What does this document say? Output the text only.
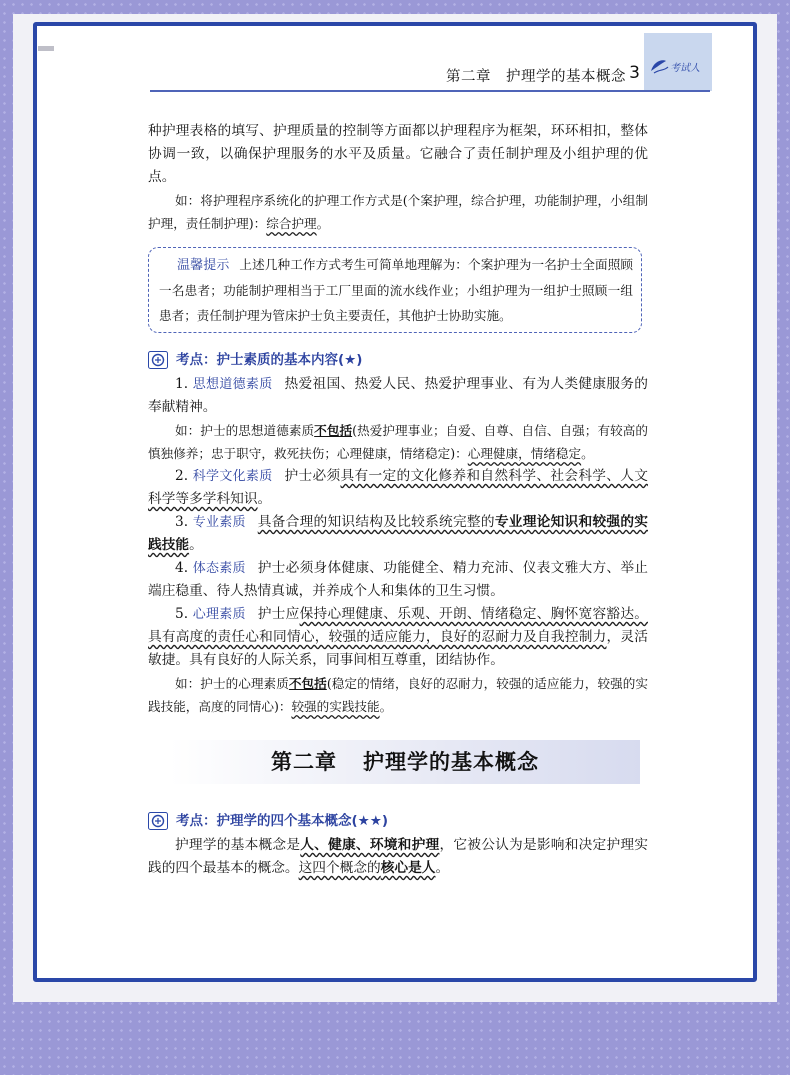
考试人
第二章　护理学的基本概念 3

种护理表格的填写、护理质量的控制等方面都以护理程序为框架，环环相扣，整体协调一致，以确保护理服务的水平及质量。它融合了责任制护理及小组护理的优点。

如：将护理程序系统化的护理工作方式是(个案护理，综合护理，功能制护理，小组制护理，责任制护理)：综合护理。

温馨提示 上述几种工作方式考生可简单地理解为：个案护理为一名护士全面照顾一名患者；功能制护理相当于工厂里面的流水线作业；小组护理为一组护士照顾一组患者；责任制护理为管床护士负主要责任，其他护士协助实施。
考点：护士素质的基本内容(★)

1. 思想道德素质 热爱祖国、热爱人民、热爱护理事业、有为人类健康服务的奉献精神。

如：护士的思想道德素质不包括(热爱护理事业；自爱、自尊、自信、自强；有较高的慎独修养；忠于职守，救死扶伤；心理健康，情绪稳定)：心理健康，情绪稳定。

2. 科学文化素质 护士必须具有一定的文化修养和自然科学、社会科学、人文科学等多学科知识。

3. 专业素质 具备合理的知识结构及比较系统完整的专业理论知识和较强的实践技能。

4. 体态素质 护士必须身体健康、功能健全、精力充沛、仪表文雅大方、举止端庄稳重、待人热情真诚，并养成个人和集体的卫生习惯。

5. 心理素质 护士应保持心理健康、乐观、开朗、情绪稳定、胸怀宽容豁达。具有高度的责任心和同情心，较强的适应能力，良好的忍耐力及自我控制力，灵活敏捷。具有良好的人际关系，同事间相互尊重，团结协作。

如：护士的心理素质不包括(稳定的情绪，良好的忍耐力，较强的适应能力，较强的实践技能，高度的同情心)：较强的实践技能。

第二章 护理学的基本概念
考点：护理学的四个基本概念(★★)

护理学的基本概念是人、健康、环境和护理，它被公认为是影响和决定护理实践的四个最基本的概念。这四个概念的核心是人。
